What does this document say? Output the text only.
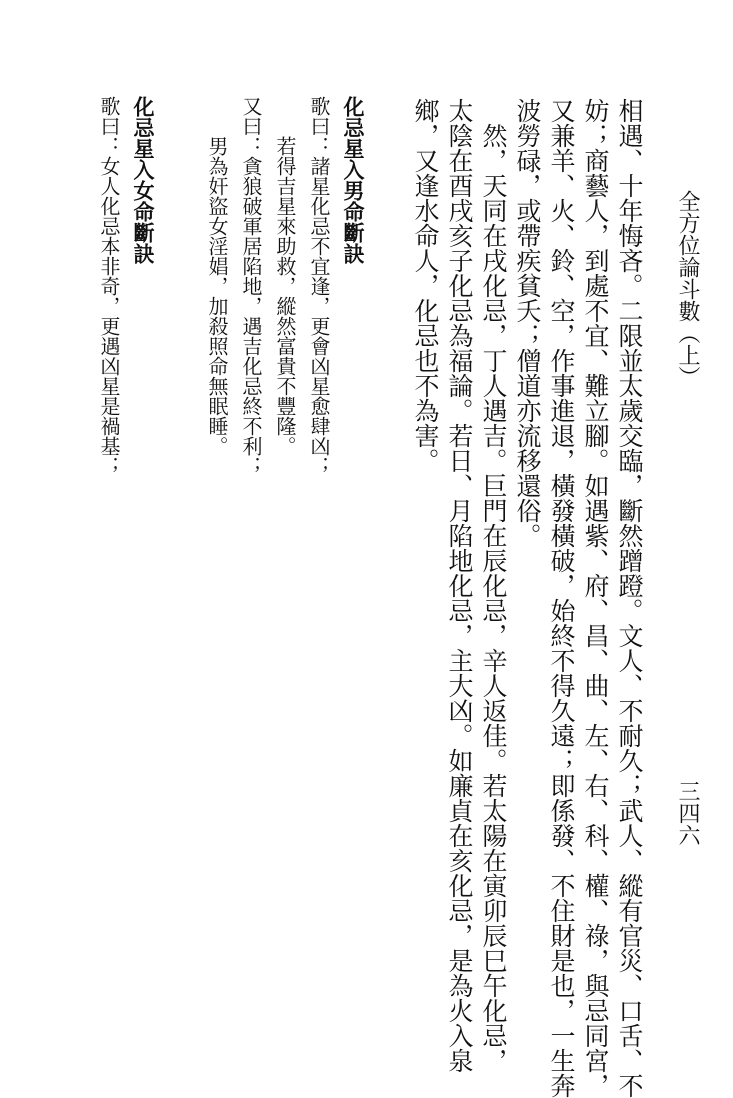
全方位論斗數（上）
三四六
相遇、十年悔吝。二限並太歲交臨，斷然蹭蹬。文人、不耐久；武人、縱有官災、口舌、不
妨；商藝人，到處不宜、難立腳。如遇紫、府、昌、曲、左、右、科、權、祿，與忌同宮，
又兼羊、火、鈴、空，作事進退，橫發橫破，始終不得久遠；即係發、不住財是也，一生奔
波勞碌，或帶疾貧夭；僧道亦流移還俗。
　然，天同在戌化忌，丁人遇吉。巨門在辰化忌，辛人返佳。若太陽在寅卯辰巳午化忌，
太陰在酉戌亥子化忌為福論。若日、月陷地化忌，主大凶。如廉貞在亥化忌，是為火入泉
鄉，又逢水命人，化忌也不為害。
化忌星入男命斷訣
歌曰：諸星化忌不宜逢，更會凶星愈肆凶；
　　若得吉星來助救，縱然富貴不豐隆。
又曰：貪狼破軍居陷地，遇吉化忌終不利；
　　男為奸盜女淫娼，加殺照命無眠睡。
化忌星入女命斷訣
歌曰：女人化忌本非奇，更遇凶星是禍基；
